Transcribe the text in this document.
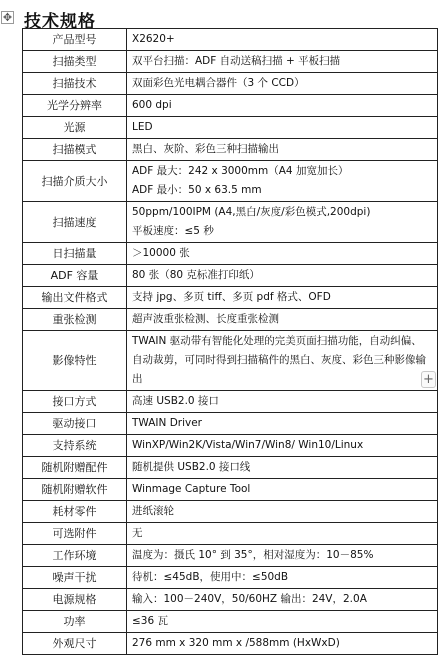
✥ 技术规格
产品型号	X2620+

扫描类型	双平台扫描：ADF 自动送稿扫描 + 平板扫描

扫描技术	双面彩色光电耦合器件（3 个 CCD）

光学分辨率	600 dpi

光源	LED

扫描模式	黑白、灰阶、彩色三种扫描输出

扫描介质大小	ADF 最大：242 x 3000mm（A4 加宽加长）
ADF 最小：50 x 63.5 mm

扫描速度	50ppm/100IPM (A4,黑白/灰度/彩色模式,200dpi)
平板速度：≤5 秒

日扫描量	＞10000 张

ADF 容量	80 张（80 克标准打印纸）

输出文件格式	支持 jpg、多页 tiff、多页 pdf 格式、OFD

重张检测	超声波重张检测、长度重张检测

影像特性	TWAIN 驱动带有智能化处理的完美页面扫描功能，自动纠偏、自动裁剪，可同时得到扫描稿件的黑白、灰度、彩色三种影像输出
接口方式	高速 USB2.0 接口

驱动接口	TWAIN Driver

支持系统	WinXP/Win2K/Vista/Win7/Win8/ Win10/Linux

随机附赠配件	随机提供 USB2.0 接口线

随机附赠软件	Winmage Capture Tool

耗材零件	进纸滚轮

可选附件	无

工作环境	温度为：摄氏 10° 到 35°，相对湿度为：10－85%

噪声干扰	待机：≤45dB，使用中：≤50dB

电源规格	输入：100－240V，50/60HZ 输出：24V，2.0A

功率	≤36 瓦

外观尺寸	276 mm x 320 mm x /588mm (HxWxD)
+
